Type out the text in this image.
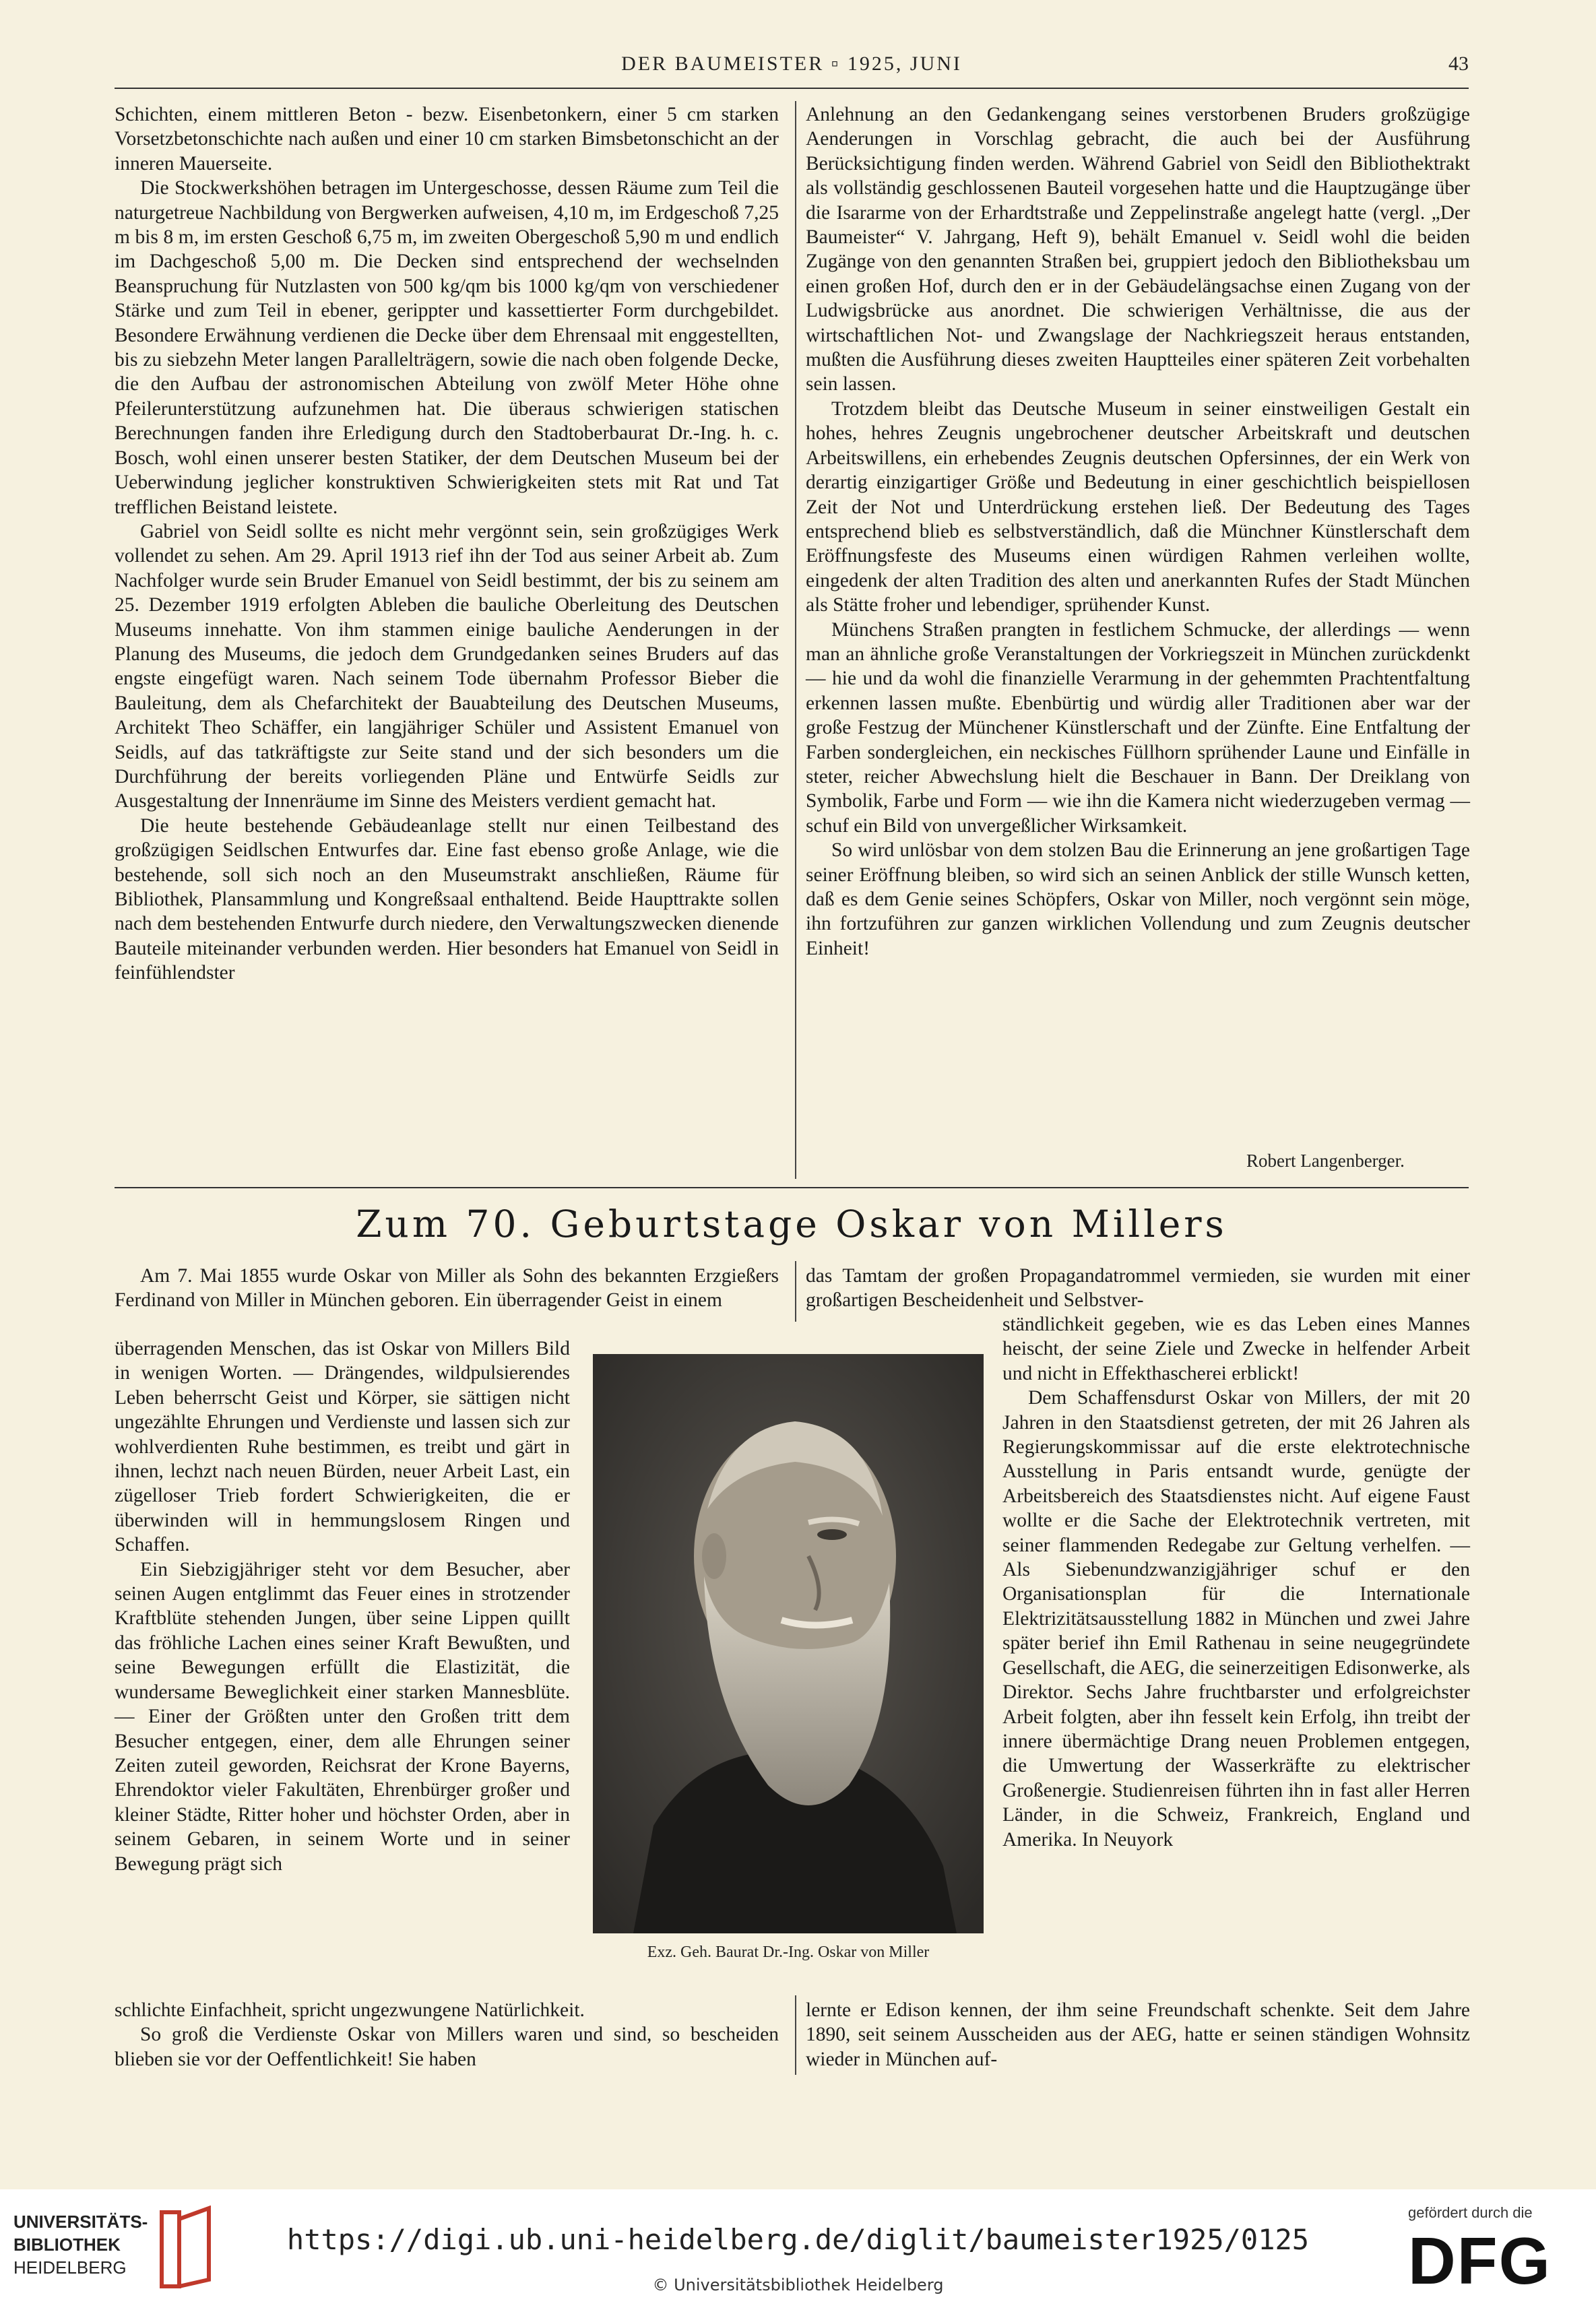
DER BAUMEISTER ▫ 1925, JUNI	43

Schichten, einem mittleren Beton - bezw. Eisenbetonkern, einer 5 cm starken Vorsetzbetonschichte nach außen und einer 10 cm starken Bimsbetonschicht an der inneren Mauerseite.

Die Stockwerkshöhen betragen im Untergeschosse, dessen Räume zum Teil die naturgetreue Nachbildung von Bergwerken aufweisen, 4,10 m, im Erdgeschoß 7,25 m bis 8 m, im ersten Geschoß 6,75 m, im zweiten Obergeschoß 5,90 m und endlich im Dachgeschoß 5,00 m. Die Decken sind entsprechend der wechselnden Beanspruchung für Nutzlasten von 500 kg/qm bis 1000 kg/qm von verschiedener Stärke und zum Teil in ebener, gerippter und kassettierter Form durchgebildet. Besondere Erwähnung verdienen die Decke über dem Ehrensaal mit enggestellten, bis zu siebzehn Meter langen Parallelträgern, sowie die nach oben folgende Decke, die den Aufbau der astronomischen Abteilung von zwölf Meter Höhe ohne Pfeilerunterstützung aufzunehmen hat. Die überaus schwierigen statischen Berechnungen fanden ihre Erledigung durch den Stadtoberbaurat Dr.-Ing. h. c. Bosch, wohl einen unserer besten Statiker, der dem Deutschen Museum bei der Ueberwindung jeglicher konstruktiven Schwierigkeiten stets mit Rat und Tat trefflichen Beistand leistete.

Gabriel von Seidl sollte es nicht mehr vergönnt sein, sein großzügiges Werk vollendet zu sehen. Am 29. April 1913 rief ihn der Tod aus seiner Arbeit ab. Zum Nachfolger wurde sein Bruder Emanuel von Seidl bestimmt, der bis zu seinem am 25. Dezember 1919 erfolgten Ableben die bauliche Oberleitung des Deutschen Museums innehatte. Von ihm stammen einige bauliche Aenderungen in der Planung des Museums, die jedoch dem Grundgedanken seines Bruders auf das engste eingefügt waren. Nach seinem Tode übernahm Professor Bieber die Bauleitung, dem als Chefarchitekt der Bauabteilung des Deutschen Museums, Architekt Theo Schäffer, ein langjähriger Schüler und Assistent Emanuel von Seidls, auf das tatkräftigste zur Seite stand und der sich besonders um die Durchführung der bereits vorliegenden Pläne und Entwürfe Seidls zur Ausgestaltung der Innenräume im Sinne des Meisters verdient gemacht hat.

Die heute bestehende Gebäudeanlage stellt nur einen Teilbestand des großzügigen Seidlschen Entwurfes dar. Eine fast ebenso große Anlage, wie die bestehende, soll sich noch an den Museumstrakt anschließen, Räume für Bibliothek, Plansammlung und Kongreßsaal enthaltend. Beide Haupttrakte sollen nach dem bestehenden Entwurfe durch niedere, den Verwaltungszwecken dienende Bauteile miteinander verbunden werden. Hier besonders hat Emanuel von Seidl in feinfühlendster

Anlehnung an den Gedankengang seines verstorbenen Bruders großzügige Aenderungen in Vorschlag gebracht, die auch bei der Ausführung Berücksichtigung finden werden. Während Gabriel von Seidl den Bibliothektrakt als vollständig geschlossenen Bauteil vorgesehen hatte und die Hauptzugänge über die Isararme von der Erhardtstraße und Zeppelinstraße angelegt hatte (vergl. „Der Baumeister“ V. Jahrgang, Heft 9), behält Emanuel v. Seidl wohl die beiden Zugänge von den genannten Straßen bei, gruppiert jedoch den Bibliotheksbau um einen großen Hof, durch den er in der Gebäudelängsachse einen Zugang von der Ludwigsbrücke aus anordnet. Die schwierigen Verhältnisse, die aus der wirtschaftlichen Not- und Zwangslage der Nachkriegszeit heraus entstanden, mußten die Ausführung dieses zweiten Hauptteiles einer späteren Zeit vorbehalten sein lassen.

Trotzdem bleibt das Deutsche Museum in seiner einstweiligen Gestalt ein hohes, hehres Zeugnis ungebrochener deutscher Arbeitskraft und deutschen Arbeitswillens, ein erhebendes Zeugnis deutschen Opfersinnes, der ein Werk von derartig einzigartiger Größe und Bedeutung in einer geschichtlich beispiellosen Zeit der Not und Unterdrückung erstehen ließ. Der Bedeutung des Tages entsprechend blieb es selbstverständlich, daß die Münchner Künstlerschaft dem Eröffnungsfeste des Museums einen würdigen Rahmen verleihen wollte, eingedenk der alten Tradition des alten und anerkannten Rufes der Stadt München als Stätte froher und lebendiger, sprühender Kunst.

Münchens Straßen prangten in festlichem Schmucke, der allerdings — wenn man an ähnliche große Veranstaltungen der Vorkriegszeit in München zurückdenkt — hie und da wohl die finanzielle Verarmung in der gehemmten Prachtentfaltung erkennen lassen mußte. Ebenbürtig und würdig aller Traditionen aber war der große Festzug der Münchener Künstlerschaft und der Zünfte. Eine Entfaltung der Farben sondergleichen, ein neckisches Füllhorn sprühender Laune und Einfälle in steter, reicher Abwechslung hielt die Beschauer in Bann. Der Dreiklang von Symbolik, Farbe und Form — wie ihn die Kamera nicht wiederzugeben vermag — schuf ein Bild von unvergeßlicher Wirksamkeit.

So wird unlösbar von dem stolzen Bau die Erinnerung an jene großartigen Tage seiner Eröffnung bleiben, so wird sich an seinen Anblick der stille Wunsch ketten, daß es dem Genie seines Schöpfers, Oskar von Miller, noch vergönnt sein möge, ihn fortzuführen zur ganzen wirklichen Vollendung und zum Zeugnis deutscher Einheit!

Robert Langenberger.
Zum 70. Geburtstage Oskar von Millers

Am 7. Mai 1855 wurde Oskar von Miller als Sohn des bekannten Erzgießers Ferdinand von Miller in München geboren. Ein überragender Geist in einem

überragenden Menschen, das ist Oskar von Millers Bild in wenigen Worten. — Drängendes, wildpulsierendes Leben beherrscht Geist und Körper, sie sättigen nicht ungezählte Ehrungen und Verdienste und lassen sich zur wohlverdienten Ruhe bestimmen, es treibt und gärt in ihnen, lechzt nach neuen Bürden, neuer Arbeit Last, ein zügelloser Trieb fordert Schwierigkeiten, die er überwinden will in hemmungslosem Ringen und Schaffen.

Ein Siebzigjähriger steht vor dem Besucher, aber seinen Augen entglimmt das Feuer eines in strotzender Kraftblüte stehenden Jungen, über seine Lippen quillt das fröhliche Lachen eines seiner Kraft Bewußten, und seine Bewegungen erfüllt die Elastizität, die wundersame Beweglichkeit einer starken Mannesblüte. — Einer der Größten unter den Großen tritt dem Besucher entgegen, einer, dem alle Ehrungen seiner Zeiten zuteil geworden, Reichsrat der Krone Bayerns, Ehrendoktor vieler Fakultäten, Ehrenbürger großer und kleiner Städte, Ritter hoher und höchster Orden, aber in seinem Gebaren, in seinem Worte und in seiner Bewegung prägt sich

schlichte Einfachheit, spricht ungezwungene Natürlichkeit.

So groß die Verdienste Oskar von Millers waren und sind, so bescheiden blieben sie vor der Oeffentlichkeit! Sie haben

das Tamtam der großen Propagandatrommel vermieden, sie wurden mit einer großartigen Bescheidenheit und Selbstver-

ständlichkeit gegeben, wie es das Leben eines Mannes heischt, der seine Ziele und Zwecke in helfender Arbeit und nicht in Effekthascherei erblickt!

Dem Schaffensdurst Oskar von Millers, der mit 20 Jahren in den Staatsdienst getreten, der mit 26 Jahren als Regierungskommissar auf die erste elektrotechnische Ausstellung in Paris entsandt wurde, genügte der Arbeitsbereich des Staatsdienstes nicht. Auf eigene Faust wollte er die Sache der Elektrotechnik vertreten, mit seiner flammenden Redegabe zur Geltung verhelfen. — Als Siebenundzwanzigjähriger schuf er den Organisationsplan für die Internationale Elektrizitätsausstellung 1882 in München und zwei Jahre später berief ihn Emil Rathenau in seine neugegründete Gesellschaft, die AEG, die seinerzeitigen Edisonwerke, als Direktor. Sechs Jahre fruchtbarster und erfolgreichster Arbeit folgten, aber ihn fesselt kein Erfolg, ihn treibt der innere übermächtige Drang neuen Problemen entgegen, die Umwertung der Wasserkräfte zu elektrischer Großenergie. Studienreisen führten ihn in fast aller Herren Länder, in die Schweiz, Frankreich, England und Amerika. In Neuyork

lernte er Edison kennen, der ihm seine Freundschaft schenkte. Seit dem Jahre 1890, seit seinem Ausscheiden aus der AEG, hatte er seinen ständigen Wohnsitz wieder in München auf-

Exz. Geh. Baurat Dr.-Ing. Oskar von Miller
UNIVERSITÄTS-
BIBLIOTHEK
HEIDELBERG
https://digi.ub.uni-heidelberg.de/diglit/baumeister1925/0125
© Universitätsbibliothek Heidelberg
gefördert durch die
DFG
